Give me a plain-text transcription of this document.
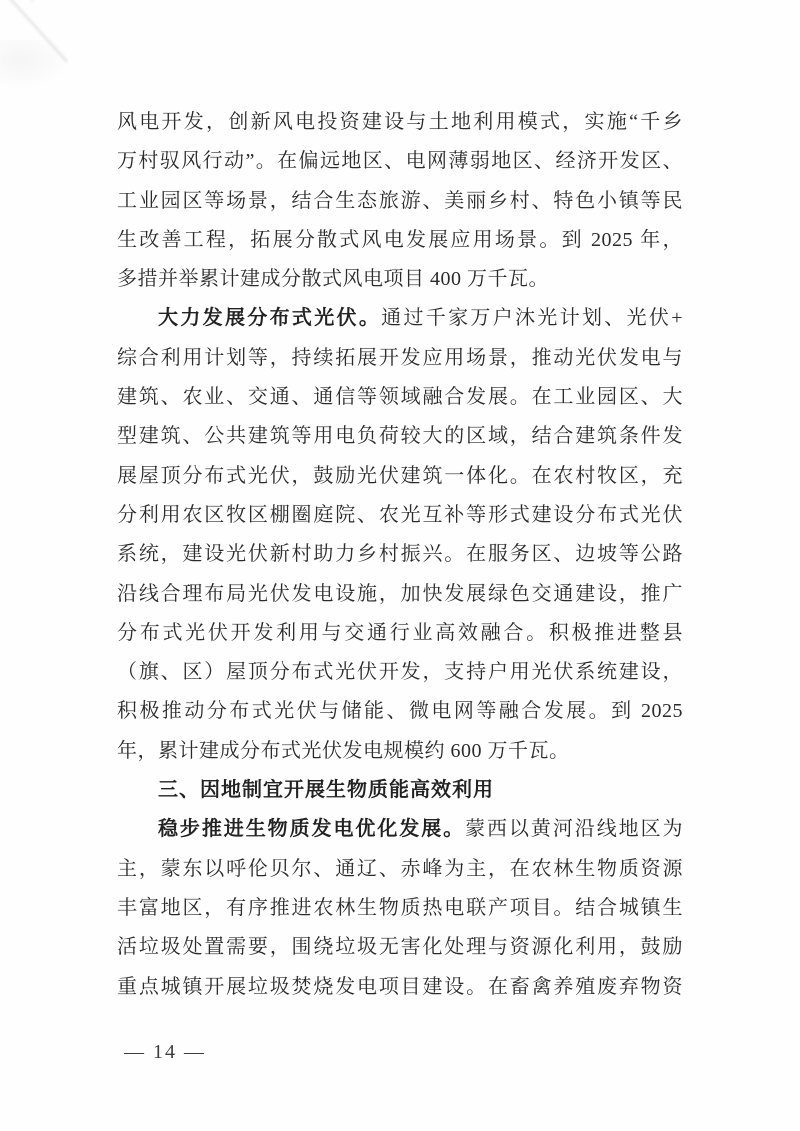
风电开发，创新风电投资建设与土地利用模式，实施“千乡
万村驭风行动”。在偏远地区、电网薄弱地区、经济开发区、
工业园区等场景，结合生态旅游、美丽乡村、特色小镇等民
生改善工程，拓展分散式风电发展应用场景。到 2025 年，
多措并举累计建成分散式风电项目 400 万千瓦。
大力发展分布式光伏。通过千家万户沐光计划、光伏+
综合利用计划等，持续拓展开发应用场景，推动光伏发电与
建筑、农业、交通、通信等领域融合发展。在工业园区、大
型建筑、公共建筑等用电负荷较大的区域，结合建筑条件发
展屋顶分布式光伏，鼓励光伏建筑一体化。在农村牧区，充
分利用农区牧区棚圈庭院、农光互补等形式建设分布式光伏
系统，建设光伏新村助力乡村振兴。在服务区、边坡等公路
沿线合理布局光伏发电设施，加快发展绿色交通建设，推广
分布式光伏开发利用与交通行业高效融合。积极推进整县
（旗、区）屋顶分布式光伏开发，支持户用光伏系统建设，
积极推动分布式光伏与储能、微电网等融合发展。到 2025
年，累计建成分布式光伏发电规模约 600 万千瓦。
三、因地制宜开展生物质能高效利用
稳步推进生物质发电优化发展。蒙西以黄河沿线地区为
主，蒙东以呼伦贝尔、通辽、赤峰为主，在农林生物质资源
丰富地区，有序推进农林生物质热电联产项目。结合城镇生
活垃圾处置需要，围绕垃圾无害化处理与资源化利用，鼓励
重点城镇开展垃圾焚烧发电项目建设。在畜禽养殖废弃物资
— 14 —
